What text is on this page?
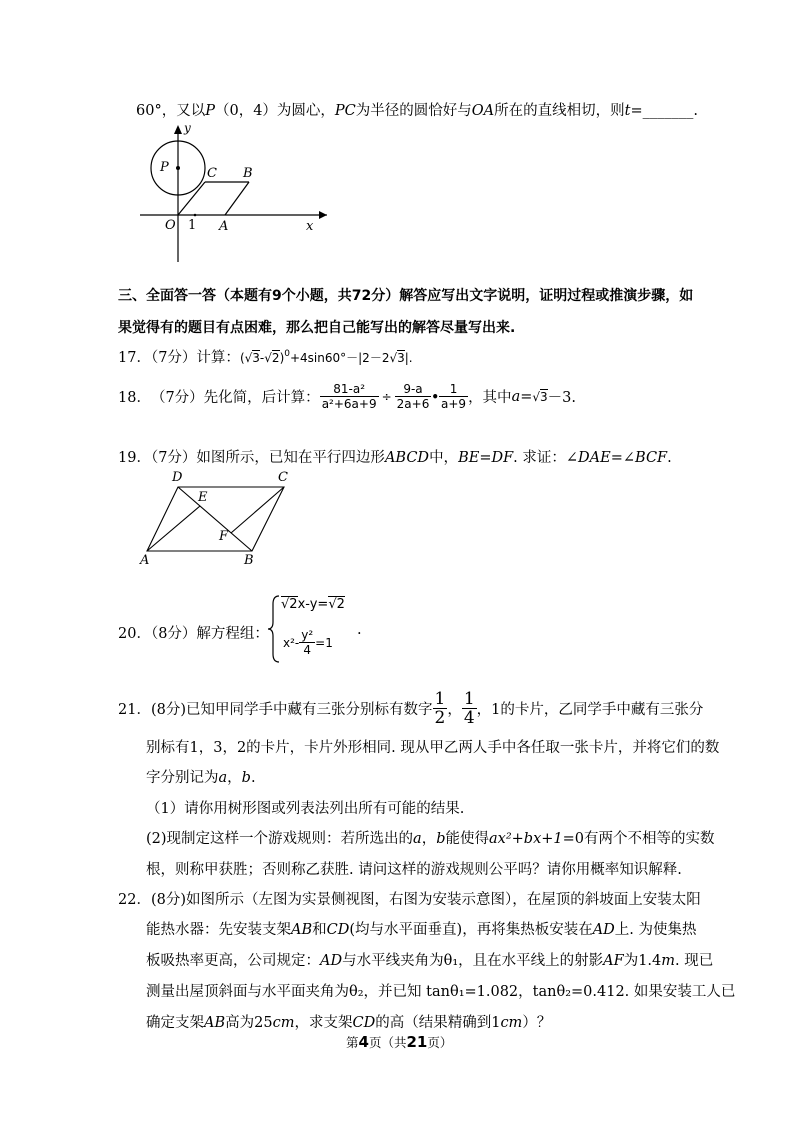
60°，又以P（0，4）为圆心，PC为半径的圆恰好与OA所在的直线相切，则t=_______.
y
P	C B
O 1 A	x
三、全面答一答（本题有9个小题，共72分）解答应写出文字说明，证明过程或推演步骤，如
果觉得有的题目有点困难，那么把自己能写出的解答尽量写出来.
17．（7分）计算：$(√3-√2)^0+4\sin 60^\circ-|2-2√3|$.
18． （7分）先化简，后计算： $\frac{\text{81-a²}}{\text{a²+6a+9}} \div \frac{9-a}{2a+6}$ • $\frac{1}{a+9}$ ，其中 a = √ 3 －3.
19．（7分）如图所示，已知在平行四边形ABCD中，BE=DF. 求证：∠DAE=∠BCF.
D	C
E
F
A	B
20．（8分）解方程组：
√2x-y=√2
$x^2- \frac{\text{y²}}{4} =1$
.
21．(8分)已知甲同学手中藏有三张分别标有数字 $\frac{1}{2}$ ， $\frac{1}{4}$ ，1的卡片，乙同学手中藏有三张分
别标有1，3，2的卡片，卡片外形相同. 现从甲乙两人手中各任取一张卡片，并将它们的数
字分别记为a，b.
（1）请你用树形图或列表法列出所有可能的结果.
(2)现制定这样一个游戏规则：若所选出的a，b能使得ax²+bx+1=0有两个不相等的实数
根，则称甲获胜；否则称乙获胜. 请问这样的游戏规则公平吗？请你用概率知识解释.
22．(8分)如图所示（左图为实景侧视图，右图为安装示意图），在屋顶的斜坡面上安装太阳
能热水器：先安装支架AB和CD(均与水平面垂直)，再将集热板安装在AD上. 为使集热
板吸热率更高，公司规定：AD与水平线夹角为θ₁，且在水平线上的射影AF为1.4m. 现已
测量出屋顶斜面与水平面夹角为θ₂，并已知 tanθ₁=1.082，tanθ₂=0.412. 如果安装工人已
确定支架AB高为25cm，求支架CD的高（结果精确到1cm）？
第4页（共21页）
